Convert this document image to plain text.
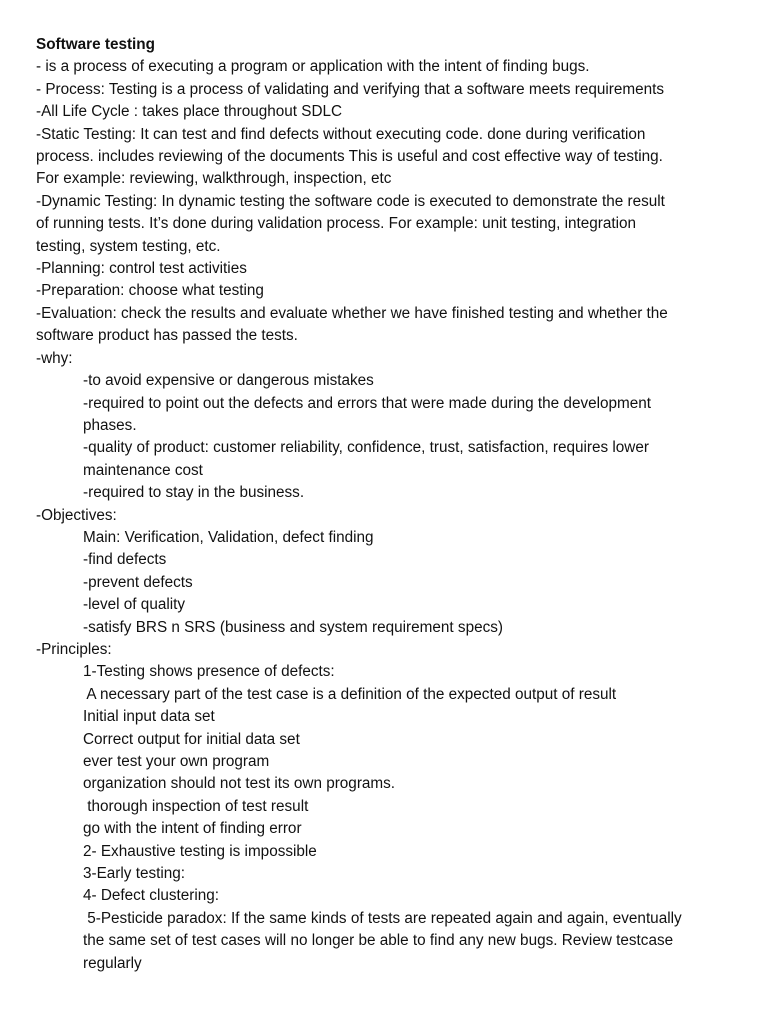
Software testing
- is a process of executing a program or application with the intent of finding bugs.
- Process: Testing is a process of validating and verifying that a software meets requirements
-All Life Cycle : takes place throughout SDLC
-Static Testing: It can test and find defects without executing code. done during verification
process. includes reviewing of the documents This is useful and cost effective way of testing.
For example: reviewing, walkthrough, inspection, etc
-Dynamic Testing: In dynamic testing the software code is executed to demonstrate the result
of running tests. It’s done during validation process. For example: unit testing, integration
testing, system testing, etc.
-Planning: control test activities
-Preparation: choose what testing
-Evaluation: check the results and evaluate whether we have finished testing and whether the
software product has passed the tests.
-why:
-to avoid expensive or dangerous mistakes
-required to point out the defects and errors that were made during the development
phases.
-quality of product: customer reliability, confidence, trust, satisfaction, requires lower
maintenance cost
-required to stay in the business.
-Objectives:
Main: Verification, Validation, defect finding
-find defects
-prevent defects
-level of quality
-satisfy BRS n SRS (business and system requirement specs)
-Principles:
1-Testing shows presence of defects:
A necessary part of the test case is a definition of the expected output of result
Initial input data set
Correct output for initial data set
ever test your own program
organization should not test its own programs.
thorough inspection of test result
go with the intent of finding error
2- Exhaustive testing is impossible
3-Early testing:
4- Defect clustering:
5-Pesticide paradox: If the same kinds of tests are repeated again and again, eventually
the same set of test cases will no longer be able to find any new bugs. Review testcase
regularly
